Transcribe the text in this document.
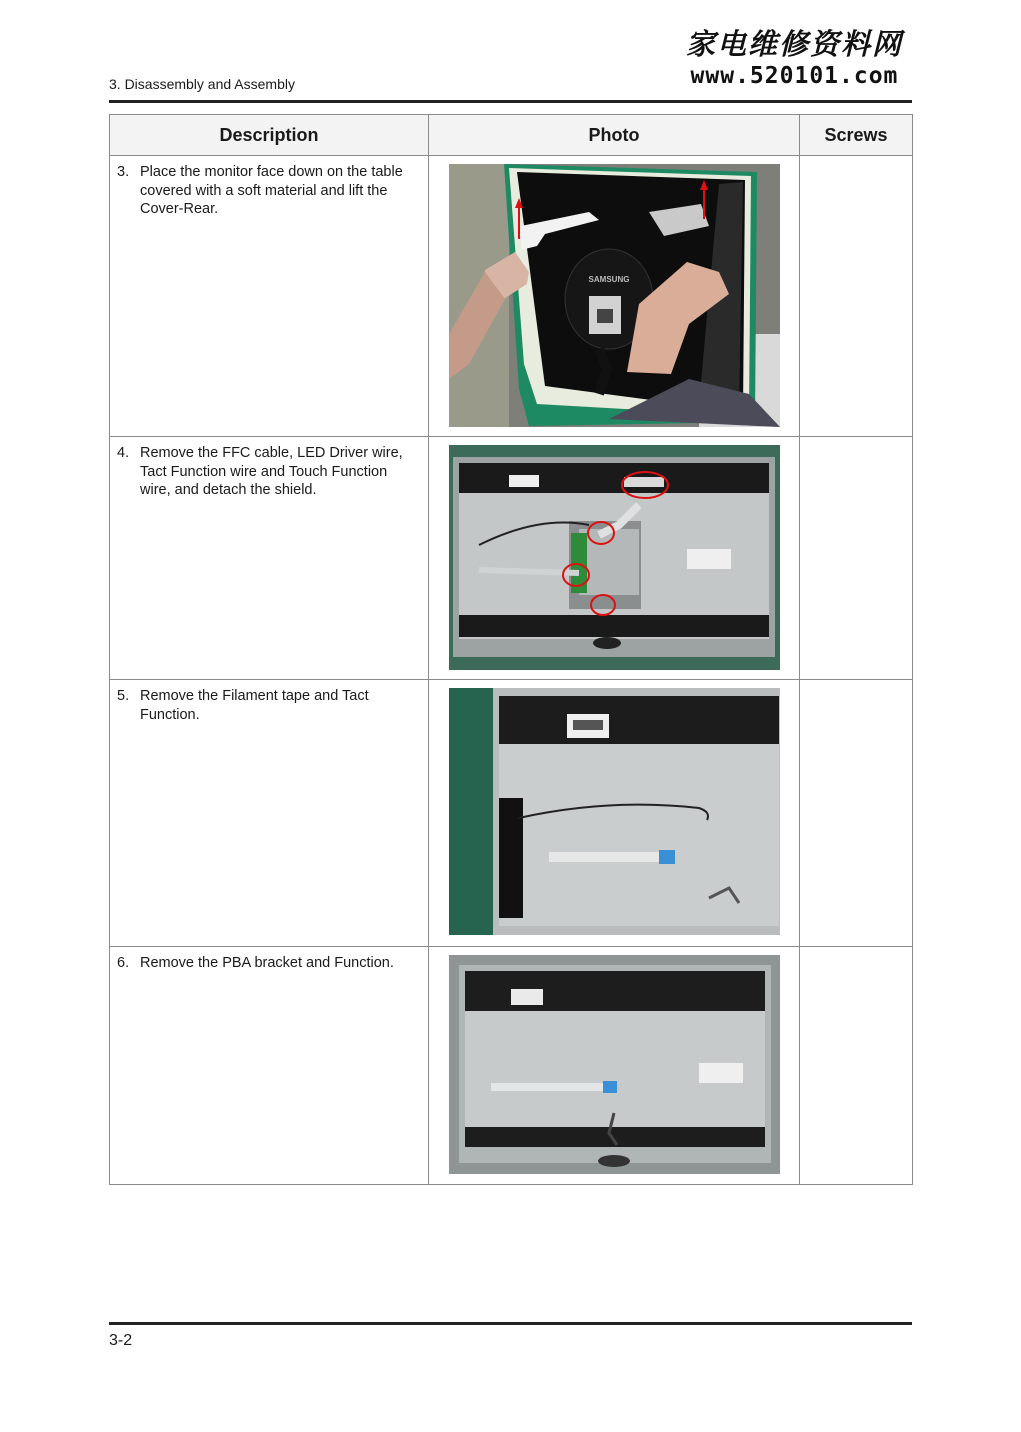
3. Disassembly and Assembly
家电维修资料网
www.520101.com
Description	Photo	Screws
3. Place the monitor face down on the table covered with a soft material and lift the Cover-Rear.	SAMSUNG	

4. Remove the FFC cable, LED Driver wire, Tact Function wire and Touch Function wire, and detach the shield.	

5. Remove the Filament tape and Tact Function.	

6. Remove the PBA bracket and Function.	

3-2
